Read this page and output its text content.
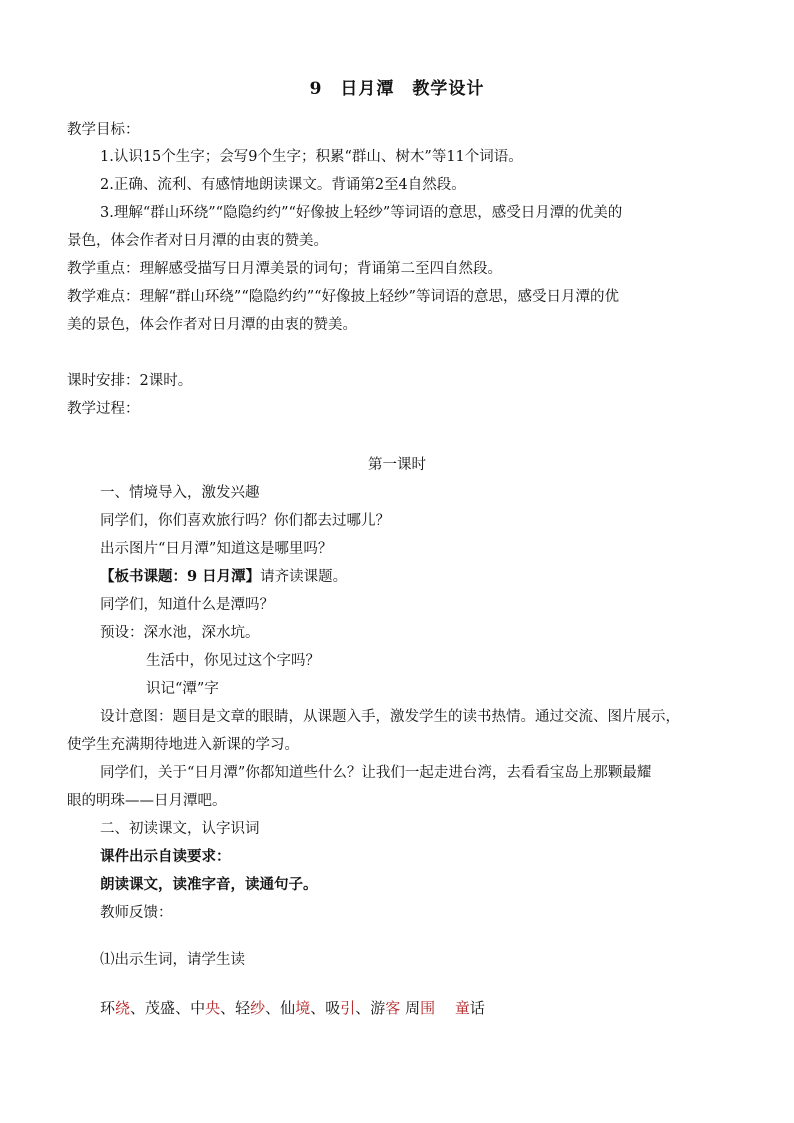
9　日月潭　教学设计
教学目标：
1.认识15个生字；会写9个生字；积累“群山、树木”等11个词语。
2.正确、流利、有感情地朗读课文。背诵第2至4自然段。
3.理解“群山环绕”“隐隐约约”“好像披上轻纱”等词语的意思，感受日月潭的优美的
景色，体会作者对日月潭的由衷的赞美。
教学重点：理解感受描写日月潭美景的词句；背诵第二至四自然段。
教学难点：理解“群山环绕”“隐隐约约”“好像披上轻纱”等词语的意思，感受日月潭的优
美的景色，体会作者对日月潭的由衷的赞美。
课时安排：2课时。
教学过程：
第一课时
一、情境导入，激发兴趣
同学们，你们喜欢旅行吗？你们都去过哪儿？
出示图片“日月潭”知道这是哪里吗？
【板书课题：9 日月潭】请齐读课题。
同学们，知道什么是潭吗？
预设：深水池，深水坑。
生活中，你见过这个字吗？
识记“潭”字
设计意图：题目是文章的眼睛，从课题入手，激发学生的读书热情。通过交流、图片展示，
使学生充满期待地进入新课的学习。
同学们，关于“日月潭”你都知道些什么？让我们一起走进台湾，去看看宝岛上那颗最耀
眼的明珠——日月潭吧。
二、初读课文，认字识词
课件出示自读要求：
朗读课文，读准字音，读通句子。
教师反馈：
⑴出示生词，请学生读
环绕、茂盛、中央、轻纱、仙境、吸引、游客 周围　 童话
